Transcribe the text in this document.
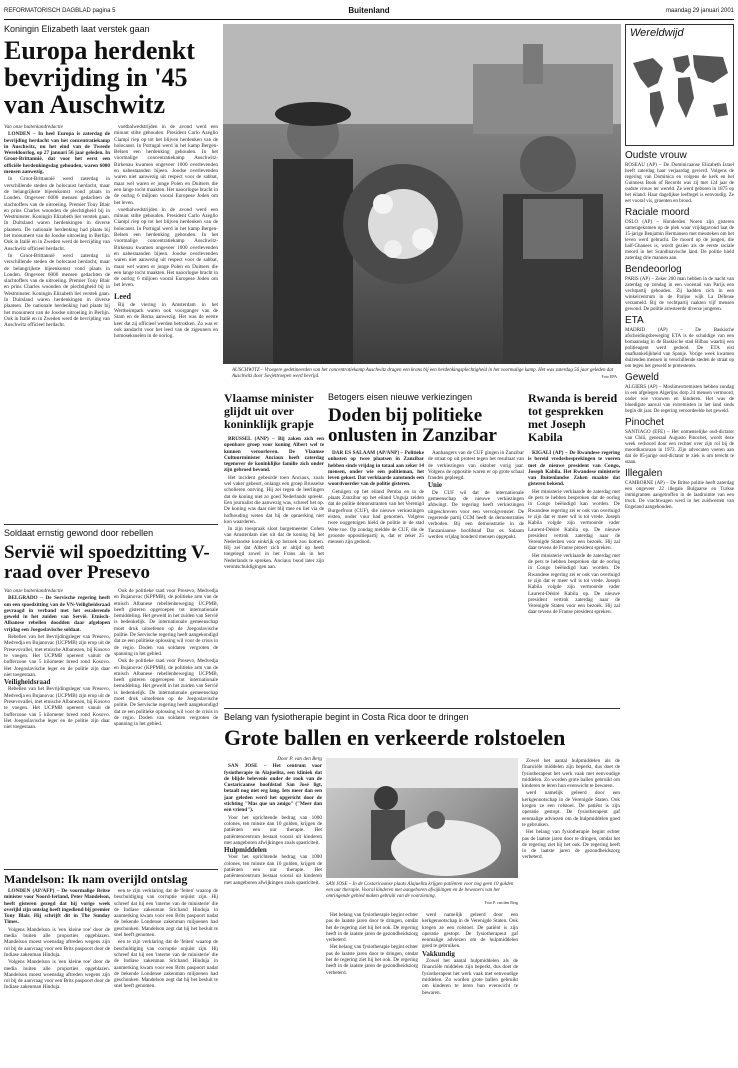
REFORMATORISCH DAGBLAD pagina 5	Buitenland	maandag 29 januari 2001
Koningin Elizabeth laat verstek gaan
Europa herdenkt bevrijding in '45 van Auschwitz

Van onze buitenlandredactie

LONDEN – In heel Europa is zaterdag de bevrijding herdacht van het concentratiekamp in Auschwitz, nu het eind van de Tweede Wereldoorlog, op 27 januari 56 jaar geleden. In Groot-Brittannië, dat voor het eerst een officiële herdenkingsdag gehouden, waren 6000 mensen aanwezig.

In Groot-Brittannië werd zaterdag in verschillende steden de holocaust herdacht, maar de belangrijkste bijeenkomst vond plaats in Londen. Ongeveer 6000 mensen gedachten de slachtoffers van de uitroeiing. Premier Tony Blair en prins Charles woonden de plechtigheid bij in Westminster. Koningin Elizabeth liet verstek gaan. In Duitsland waren herdenkingen in diverse plaatsen. De nationale herdenking had plaats bij het monument van de Joodse uitroeiing in Berlijn. Ook in Italië en in Zweden werd de bevrijding van Auschwitz officieel herdacht.

In Groot-Brittannië werd zaterdag in verschillende steden de holocaust herdacht, maar de belangrijkste bijeenkomst vond plaats in Londen. Ongeveer 6000 mensen gedachten de slachtoffers van de uitroeiing. Premier Tony Blair en prins Charles woonden de plechtigheid bij in Westminster. Koningin Elizabeth liet verstek gaan. In Duitsland waren herdenkingen in diverse plaatsen. De nationale herdenking had plaats bij het monument van de Joodse uitroeiing in Berlijn. Ook in Italië en in Zweden werd de bevrijding van Auschwitz officieel herdacht.

voetbalwedstrijden in de avond werd een minuut stilte gehouden. President Carlo Azeglio Ciampi riep op tot het blijven herdenken van de holocaust. In Portugal werd in het kamp Bergen-Belsen een herdenking gehouden. In het voormalige concentratiekamp Auschwitz-Birkenau kwamen ongeveer 1000 overlevenden en nabestaanden bijeen. Joodse overlevenden waren niet aanwezig uit respect voor de sabbat, maar wel waren er jonge Polen en Duitsers die een lange tocht maakten. Het naoorlogse bracht in de oorlog 6 miljoen vooral Europese Joden om het leven.

voetbalwedstrijden in de avond werd een minuut stilte gehouden. President Carlo Azeglio Ciampi riep op tot het blijven herdenken van de holocaust. In Portugal werd in het kamp Bergen-Belsen een herdenking gehouden. In het voormalige concentratiekamp Auschwitz-Birkenau kwamen ongeveer 1000 overlevenden en nabestaanden bijeen. Joodse overlevenden waren niet aanwezig uit respect voor de sabbat, maar wel waren er jonge Polen en Duitsers die een lange tocht maakten. Het naoorlogse bracht in de oorlog 6 miljoen vooral Europese Joden om het leven.

Leed

Bij de viering in Amsterdam in het Wertheimpark waren ook voorganger van de Stam en de Roma aanwezig. Het was de eerste keer dat zij officieel werden betrokken. Zo was er ook aandacht voor het leed van de zigeuners en homoseksuelen in de oorlog.

AUSCHWITZ – Vroegere gedetineerden van het concentratiekamp Auschwitz dragen een krans bij een herdenkingsplechtigheid in het voormalige kamp. Het was zaterdag 56 jaar geleden dat Auschwitz door Sovjettroepen werd bevrijd.	Foto EPA
Soldaat ernstig gewond door rebellen
Servië wil spoedzitting V-raad over Presevo

Van onze buitenlandredactie

BELGRADO – De Servische regering heeft om een spoedzitting van de VN-Veiligheidsraad gevraagd in verband met het escalerende geweld in het zuiden van Servië. Etnisch-Albanese rebellen doodden daar afgelopen vrijdag een Joegoslavische soldaat.

Rebellen van het Bevrijdingsleger van Presevo, Medvedja en Bujanovac (UCPMB) zijn erop uit de Presevovallei, met etnische Albanezen, bij Kosovo te voegen. Het UCPMB opereert vanuit de bufferzone van 5 kilometer breed rond Kosovo. Het Joegoslavische leger en de politie zijn daar niet toegestaan.

Veiligheidsraad

Rebellen van het Bevrijdingsleger van Presevo, Medvedja en Bujanovac (UCPMB) zijn erop uit de Presevovallei, met etnische Albanezen, bij Kosovo te voegen. Het UCPMB opereert vanuit de bufferzone van 5 kilometer breed rond Kosovo. Het Joegoslavische leger en de politie zijn daar niet toegestaan.

Ook de politieke raad voor Presevo, Medvedja en Bujanovac (KPPMB), de politieke arm van de etnisch Albanese rebellenbeweging UCPMB, heeft gisteren opgeroepen tot internationale bemiddeling. Het geweld in het zuiden van Servië is bedenkelijk. De internationale gemeenschap moet druk uitoefenen op de Joegoslavische politie. De Servische regering heeft aangekondigd dat ze een politieke oplossing wil voor de crisis in de regio. Doden van soldaten vergroten de spanning in het gebied.

Ook de politieke raad voor Presevo, Medvedja en Bujanovac (KPPMB), de politieke arm van de etnisch Albanese rebellenbeweging UCPMB, heeft gisteren opgeroepen tot internationale bemiddeling. Het geweld in het zuiden van Servië is bedenkelijk. De internationale gemeenschap moet druk uitoefenen op de Joegoslavische politie. De Servische regering heeft aangekondigd dat ze een politieke oplossing wil voor de crisis in de regio. Doden van soldaten vergroten de spanning in het gebied.

Mandelson: Ik nam overijld ontslag

LONDEN (AP/AFP) – De voormalige Britse minister voor Noord-Ierland, Peter Mandelson, heeft gisteren gezegd dat hij vorige week overijld zijn ontslag heeft ingediend bij premier Tony Blair. Hij schrijft dit in The Sunday Times.

Volgens Mandelson is 'een kleine roe' door de media buiten alle proporties opgeblazen. Mandelson moest woensdag aftreden wegens zijn rol bij de aanvraag voor een Brits paspoort door de Indiase zakenman Hinduja.

Volgens Mandelson is 'een kleine roe' door de media buiten alle proporties opgeblazen. Mandelson moest woensdag aftreden wegens zijn rol bij de aanvraag voor een Brits paspoort door de Indiase zakenman Hinduja.

een te zijn verklaring dat de 'feiten' waarop de beschuldiging van corruptie onjuist zijn. Hij schreef dat hij een 'interne van de ministerie' die de Indiase zakenman Srichand Hinduja in aanmerking kwam voor een Brits paspoort nadat de bekende Londense zakenman miljoenen had geschonken. Mandelson zegt dat hij het besluit te snel heeft genomen.

een te zijn verklaring dat de 'feiten' waarop de beschuldiging van corruptie onjuist zijn. Hij schreef dat hij een 'interne van de ministerie' die de Indiase zakenman Srichand Hinduja in aanmerking kwam voor een Brits paspoort nadat de bekende Londense zakenman miljoenen had geschonken. Mandelson zegt dat hij het besluit te snel heeft genomen.

Vlaamse minister glijdt uit over koninklijk grapje

BRUSSEL (ANP) – Bij zaken zich een openbare groep voor koning Albert wel te kunnen veroorloven. De Vlaamse Cultuurminister Anciaux heeft zaterdag tegenover de koninklijke familie zich onder zijn gebroed bevond.

Het incident gebeurde toen Anciaux, zoals wel vaker gebeurt, onlangs een groep Brusselse scholieren ontving. Hij zei tegen de leerlingen dat de koning niet zo goed Nederlands spreekt. Een journalist die aanwezig was, schreef het op. De koning was daar niet blij mee en liet via de hofhouding weten dat hij de opmerking niet kon waarderen.

In zijn toespraak sloot burgemeester Cohen van Amsterdam niet uit dat de koning bij het Nederlandse koninkrijk op bezoek zou komen. Hij zei dat Albert zich er altijd op heeft toegelegd zowel in het Frans als in het Nederlands te spreken. Anciaux bood later zijn verontschuldigingen aan.

Betogers eisen nieuwe verkiezingen
Doden bij politieke onlusten in Zanzibar

DAR ES SALAAM (AP/ANP) – Politieke onlusten op twee plaatsen in Zanzibar hebben sinds vrijdag in totaal aan zeker 14 mensen, onder wie een politieman, het leven gekost. Dat verklaarde aanstonds een woordvoerder van de politie gisteren.

Getuigen op het eiland Pemba en in de plaats Zanzibar op het eiland Unguja zeiden dat de politie demonstranten van het Verenigd Burgerfront (CUF), die nieuwe verkiezingen eisten, onder vuur had genomen. Volgens twee ooggetuigen hield de politie in de stad Wete toe. Op zondag meldde de CUF, die de grootste oppositiepartij is, dat er zeker 25 mensen zijn gedood.

Aanhangers van de CUF gingen in Zanzibar de straat op uit protest tegen het resultaat van de verkiezingen van oktober vorig jaar. Volgens de oppositie waren er op grote schaal fraudes gepleegd.

Unie

De CUF wil dat de internationale gemeenschap de nieuwe verkiezingen afdwingt. De regering heeft verkiezingen uitgeschreven voor een vervolgvenster. De regerende partij CCM heeft de demonstraties verboden. Bij een demonstratie in de Tanzaniaanse hoofdstad Dar es Salaam werden vrijdag honderd mensen opgepakt.

Rwanda is bereid tot gesprekken met Joseph Kabila

KIGALI (AP) – De Rwandese regering is bereid vredesbesprekingen te voeren met de nieuwe president van Congo, Joseph Kabila. Het Rwandese ministerie van Buitenlandse Zaken maakte dat gisteren bekend.

Het ministerie verklaarde de zaterdag met de pers te hebben besproken dat de oorlog in Congo beëindigd kan worden. De Rwandese regering zei er ook van overtuigd te zijn dat er meer wil is tot vrede. Joseph Kabila volgde zijn vermoorde vader Laurent-Désiré Kabila op. De nieuwe president vertrok zaterdag naar de Verenigde Staten voor een bezoek. Hij zal daar tevens de Franse president spreken.

Het ministerie verklaarde de zaterdag met de pers te hebben besproken dat de oorlog in Congo beëindigd kan worden. De Rwandese regering zei er ook van overtuigd te zijn dat er meer wil is tot vrede. Joseph Kabila volgde zijn vermoorde vader Laurent-Désiré Kabila op. De nieuwe president vertrok zaterdag naar de Verenigde Staten voor een bezoek. Hij zal daar tevens de Franse president spreken.

Belang van fysiotherapie begint in Costa Rica door te dringen
Grote ballen en verkeerde rolstoelen

Door P. van den Berg

SAN JOSE – Het centrum voor fysiotherapie in Alajuelita, een kliniek dat de blijde belevenis onder de rook van de Costaricaanse hoofdstad San José ligt, betaalt nog niet erg lang. Iets meer dan een jaar geleden werd het opgericht door de stichting "Mas que un amigo" ("Meer dan een vriend").

Voor het oprichtende bedrag van 1000 colones, ten minste dan 10 gulden, krijgen de patiënten een uur therapie. Het patiëntencentrum bestaat vooral uit kinderen met aangeboren afwijkingen zoals spasticiteit.

Hulpmiddelen

Voor het oprichtende bedrag van 1000 colones, ten minste dan 10 gulden, krijgen de patiënten een uur therapie. Het patiëntencentrum bestaat vooral uit kinderen met aangeboren afwijkingen zoals spasticiteit.	SAN JOSE – In de Costaricaanse plaats Alajuelita krijgen patiënten voor nog geen 10 gulden een uur therapie. Vooral kinderen met aangeboren afwijkingen en de bewoners van het omringende gebied maken gebruik van de voorziening.
Foto P. van den Berg

Het belang van fysiotherapie begint echter pas de laatste jaren door te dringen, omdat het de regering ziet hij het ook. De regering heeft in de laatste jaren de gezondheidszorg verbeterd.

Het belang van fysiotherapie begint echter pas de laatste jaren door te dringen, omdat het de regering ziet hij het ook. De regering heeft in de laatste jaren de gezondheidszorg verbeterd.

werd namelijk geleerd door een kerkgenootschap in de Verenigde Staten. Ook kregen ze een rolstoel. De patiënt is zijn operatie gestopt. De fysiotherapeut gaf eenmalige adviezen om de hulpmiddelen goed te gebruiken.

Vakkundig

Zowel het aantal hulpmiddelen als de financiële middelen zijn beperkt, dus doet de fysiotherapeut het werk vaak met eenvoudige middelen. Zo worden grote ballen gebruikt om kinderen te leren hun evenwicht te bewaren.

Zowel het aantal hulpmiddelen als de financiële middelen zijn beperkt, dus doet de fysiotherapeut het werk vaak met eenvoudige middelen. Zo worden grote ballen gebruikt om kinderen te leren hun evenwicht te bewaren.

werd namelijk geleerd door een kerkgenootschap in de Verenigde Staten. Ook kregen ze een rolstoel. De patiënt is zijn operatie gestopt. De fysiotherapeut gaf eenmalige adviezen om de hulpmiddelen goed te gebruiken.

Het belang van fysiotherapie begint echter pas de laatste jaren door te dringen, omdat het de regering ziet hij het ook. De regering heeft in de laatste jaren de gezondheidszorg verbeterd.

Wereldwijd
Oudste vrouw
ROSEAU (AP) – De Dominicaanse Elizabeth Israel heeft zaterdag haar verjaardag gevierd. Volgens de regering van Dominica en volgens de kerk en het Guinness Book of Records was zij met 124 jaar de oudste vrouw ter wereld. Ze werd geboren in 1875 op het eiland. Haar dagelijkse leefregel is eenvoudig. Ze eet vooral vis, groenten en brood.
Raciale moord
OSLO (AP) – Honderden Noren zijn gisteren samengekomen op de plek waar vrijdagavond laat de 15-jarige Benjamin Hermansen met messteken om het leven werd gebracht. De moord op de jongen, die half-Ghanees is, wordt gezien als de eerste raciale moord in het Scandinavische land. De politie hield zaterdag drie mannen aan.
Bendeoorlog
PARIS (AP) – Zeker 200 man hebben in de nacht van zaterdag op zondag in een voorstad van Parijs een vechtpartij gehouden. Zij hadden zich in een winkelcentrum in de Parijse wijk La Défense verzameld. Bij de vechtpartij raakten vijf mensen gewond. De politie arresteerde diverse jongeren.
ETA
MADRID (AP) – De Baskische afscheidingsbeweging ETA is de schuldige van een bomaanslag in de Baskische stad Bilbao waarbij een politieagent werd gedood. De ETA eist onafhankelijkheid van Spanje. Vorige week kwamen duizenden mensen in verschillende steden de straat op om tegen het geweld te protesteren.
Geweld
ALGIERS (AP) – Moslimextremisten hebben zondag in een afgelegen Algerijns dorp 24 mensen vermoord, onder wie vrouwen en kinderen. Het was de bloedigste aanval van extremisten in het land sinds begin dit jaar. De regering veroordeelde het geweld.
Pinochet
SANTIAGO (EFE) – Het onmenselijke oud-dictator van Chili, generaal Augusto Pinochet, wordt deze week verhoord door een rechter over zijn rol bij de moordkaravaan in 1973. Zijn advocaten voeren aan dat de 85-jarige oud-dictator te ziek is om terecht te staan.
Illegalen
CAMBORNE (AP) – De Britse politie heeft zaterdag een ongeveer 22 illegale Bulgaarse en Turkse immigranten aangetroffen in de laadruimte van een truck. De vrachtwagen werd in het zuidwesten van Engeland aangehouden.
